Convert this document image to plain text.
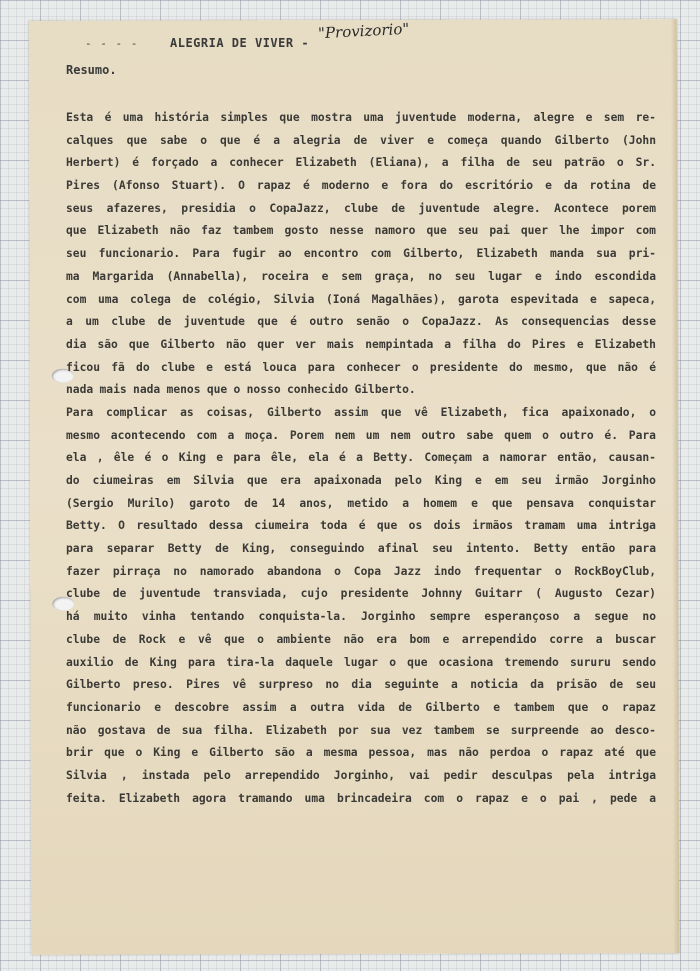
- - - -	ALEGRIA DE VIVER -
"Provizorio"
Resumo.
Esta é uma história simples que mostra uma juventude moderna, alegre e sem re-
calques que sabe o que é a alegria de viver e começa quando Gilberto (John
Herbert) é forçado a conhecer Elizabeth (Eliana), a filha de seu patrão o Sr.
Pires (Afonso Stuart). O rapaz é moderno e fora do escritório e da rotina de
seus afazeres, presidia o CopaJazz, clube de juventude alegre. Acontece porem
que Elizabeth não faz tambem gosto nesse namoro que seu pai quer lhe impor com
seu funcionario. Para fugir ao encontro com Gilberto, Elizabeth manda sua pri-
ma Margarida (Annabella), roceira e sem graça, no seu lugar e indo escondida
com uma colega de colégio, Silvia (Ioná Magalhães), garota espevitada e sapeca,
a um clube de juventude que é outro senão o CopaJazz. As consequencias desse
dia são que Gilberto não quer ver mais nempintada a filha do Pires e Elizabeth
ficou fã do clube e está louca para conhecer o presidente do mesmo, que não é
nada mais nada menos que o nosso conhecido Gilberto.
Para complicar as coisas, Gilberto assim que vê Elizabeth, fica apaixonado, o
mesmo acontecendo com a moça. Porem nem um nem outro sabe quem o outro é. Para
ela , êle é o King e para êle, ela é a Betty. Começam a namorar então, causan-
do ciumeiras em Silvia que era apaixonada pelo King e em seu irmão Jorginho
(Sergio Murilo) garoto de 14 anos, metido a homem e que pensava conquistar
Betty. O resultado dessa ciumeira toda é que os dois irmãos tramam uma intriga
para separar Betty de King, conseguindo afinal seu intento. Betty então para
fazer pirraça no namorado abandona o Copa Jazz indo frequentar o RockBoyClub,
clube de juventude transviada, cujo presidente Johnny Guitarr ( Augusto Cezar)
há muito vinha tentando conquista-la. Jorginho sempre esperançoso a segue no
clube de Rock e vê que o ambiente não era bom e arrependido corre a buscar
auxilio de King para tira-la daquele lugar o que ocasiona tremendo sururu sendo
Gilberto preso. Pires vê surpreso no dia seguinte a noticia da prisão de seu
funcionario e descobre assim a outra vida de Gilberto e tambem que o rapaz
não gostava de sua filha. Elizabeth por sua vez tambem se surpreende ao desco-
brir que o King e Gilberto são a mesma pessoa, mas não perdoa o rapaz até que
Silvia , instada pelo arrependido Jorginho, vai pedir desculpas pela intriga
feita. Elizabeth agora tramando uma brincadeira com o rapaz e o pai , pede a
